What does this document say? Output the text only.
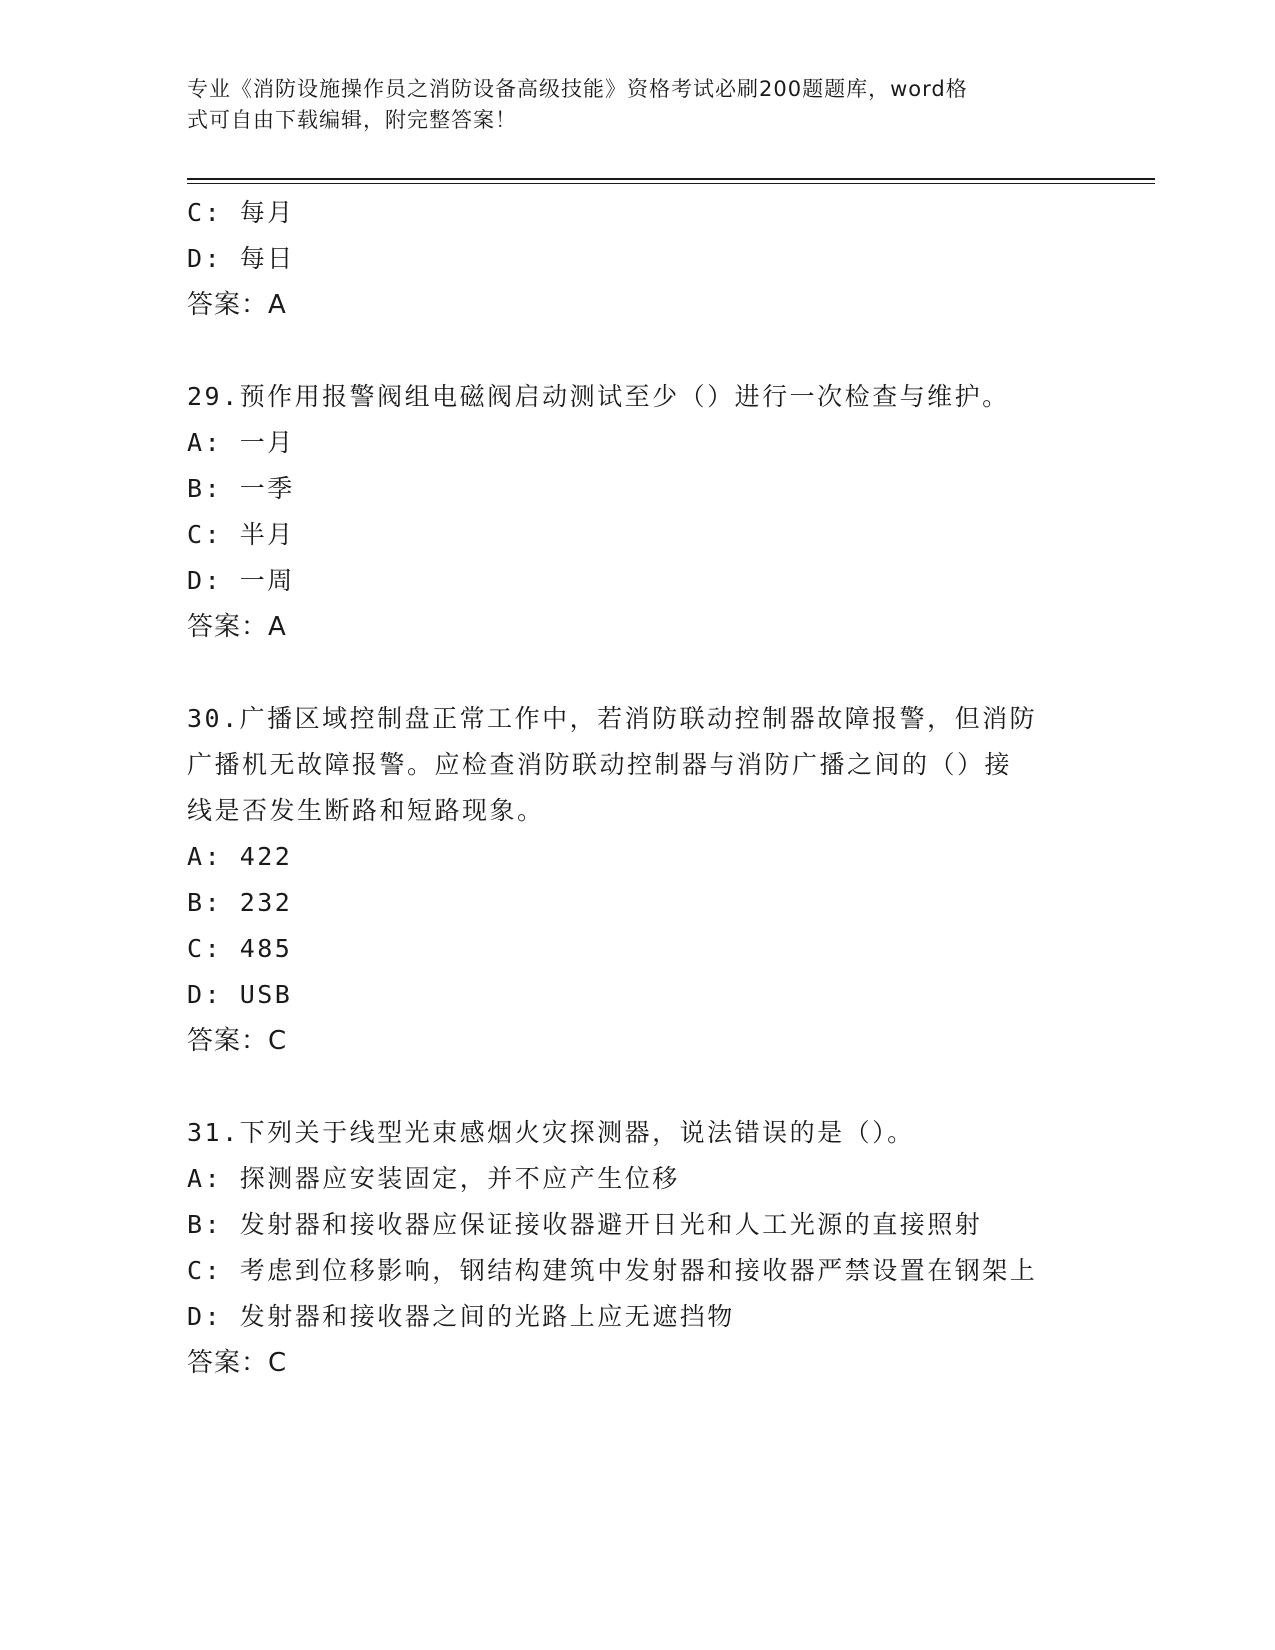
专业《消防设施操作员之消防设备高级技能》资格考试必刷200题题库，word格
式可自由下载编辑，附完整答案！
C: 每月
D: 每日
答案：A
29.预作用报警阀组电磁阀启动测试至少（）进行一次检查与维护。
A: 一月
B: 一季
C: 半月
D: 一周
答案：A
30.广播区域控制盘正常工作中，若消防联动控制器故障报警，但消防
广播机无故障报警。应检查消防联动控制器与消防广播之间的（）接
线是否发生断路和短路现象。
A: 422
B: 232
C: 485
D: USB
答案：C
31.下列关于线型光束感烟火灾探测器，说法错误的是（）。
A: 探测器应安装固定，并不应产生位移
B: 发射器和接收器应保证接收器避开日光和人工光源的直接照射
C: 考虑到位移影响，钢结构建筑中发射器和接收器严禁设置在钢架上
D: 发射器和接收器之间的光路上应无遮挡物
答案：C
